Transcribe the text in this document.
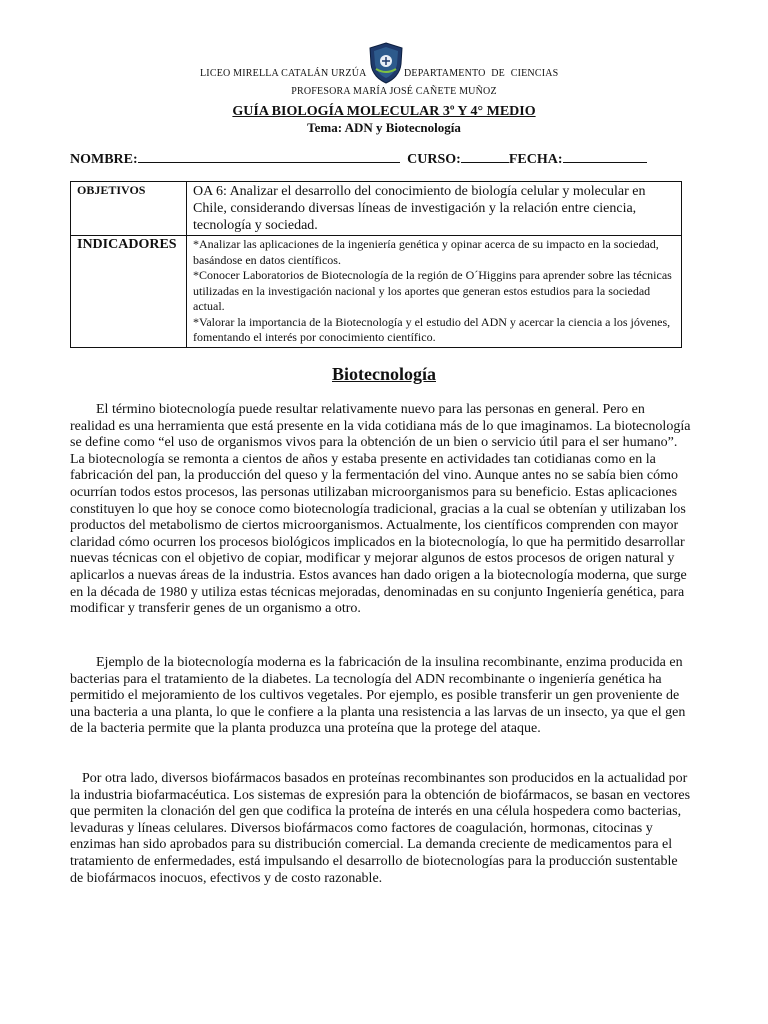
LICEO MIRELLA CATALÁN URZÚA	DEPARTAMENTO DE CIENCIAS
PROFESORA MARÍA JOSÉ CAÑETE MUÑOZ
GUÍA BIOLOGÍA MOLECULAR 3º Y 4° MEDIO
Tema: ADN y Biotecnología
NOMBRE:	CURSO:	FECHA:
OBJETIVOS	OA 6: Analizar el desarrollo del conocimiento de biología celular y molecular en Chile, considerando diversas líneas de investigación y la relación entre ciencia, tecnología y sociedad.
INDICADORES	*Analizar las aplicaciones de la ingeniería genética y opinar acerca de su impacto en la sociedad, basándose en datos científicos.
*Conocer Laboratorios de Biotecnología de la región de O´Higgins para aprender sobre las técnicas utilizadas en la investigación nacional y los aportes que generan estos estudios para la sociedad actual.
*Valorar la importancia de la Biotecnología y el estudio del ADN y acercar la ciencia a los jóvenes, fomentando el interés por conocimiento científico.
Biotecnología

El término biotecnología puede resultar relativamente nuevo para las personas en general. Pero en realidad es una herramienta que está presente en la vida cotidiana más de lo que imaginamos. La biotecnología se define como “el uso de organismos vivos para la obtención de un bien o servicio útil para el ser humano”. La biotecnología se remonta a cientos de años y estaba presente en actividades tan cotidianas como en la fabricación del pan, la producción del queso y la fermentación del vino. Aunque antes no se sabía bien cómo ocurrían todos estos procesos, las personas utilizaban microorganismos para su beneficio. Estas aplicaciones constituyen lo que hoy se conoce como biotecnología tradicional, gracias a la cual se obtenían y utilizaban los productos del metabolismo de ciertos microorganismos. Actualmente, los científicos comprenden con mayor claridad cómo ocurren los procesos biológicos implicados en la biotecnología, lo que ha permitido desarrollar nuevas técnicas con el objetivo de copiar, modificar y mejorar algunos de estos procesos de origen natural y aplicarlos a nuevas áreas de la industria. Estos avances han dado origen a la biotecnología moderna, que surge en la década de 1980 y utiliza estas técnicas mejoradas, denominadas en su conjunto Ingeniería genética, para modificar y transferir genes de un organismo a otro.

Ejemplo de la biotecnología moderna es la fabricación de la insulina recombinante, enzima producida en bacterias para el tratamiento de la diabetes. La tecnología del ADN recombinante o ingeniería genética ha permitido el mejoramiento de los cultivos vegetales. Por ejemplo, es posible transferir un gen proveniente de una bacteria a una planta, lo que le confiere a la planta una resistencia a las larvas de un insecto, ya que el gen de la bacteria permite que la planta produzca una proteína que la protege del ataque.

Por otra lado, diversos biofármacos basados en proteínas recombinantes son producidos en la actualidad por la industria biofarmacéutica. Los sistemas de expresión para la obtención de biofármacos, se basan en vectores que permiten la clonación del gen que codifica la proteína de interés en una célula hospedera como bacterias, levaduras y líneas celulares. Diversos biofármacos como factores de coagulación, hormonas, citocinas y enzimas han sido aprobados para su distribución comercial. La demanda creciente de medicamentos para el tratamiento de enfermedades, está impulsando el desarrollo de biotecnologías para la producción sustentable de biofármacos inocuos, efectivos y de costo razonable.
